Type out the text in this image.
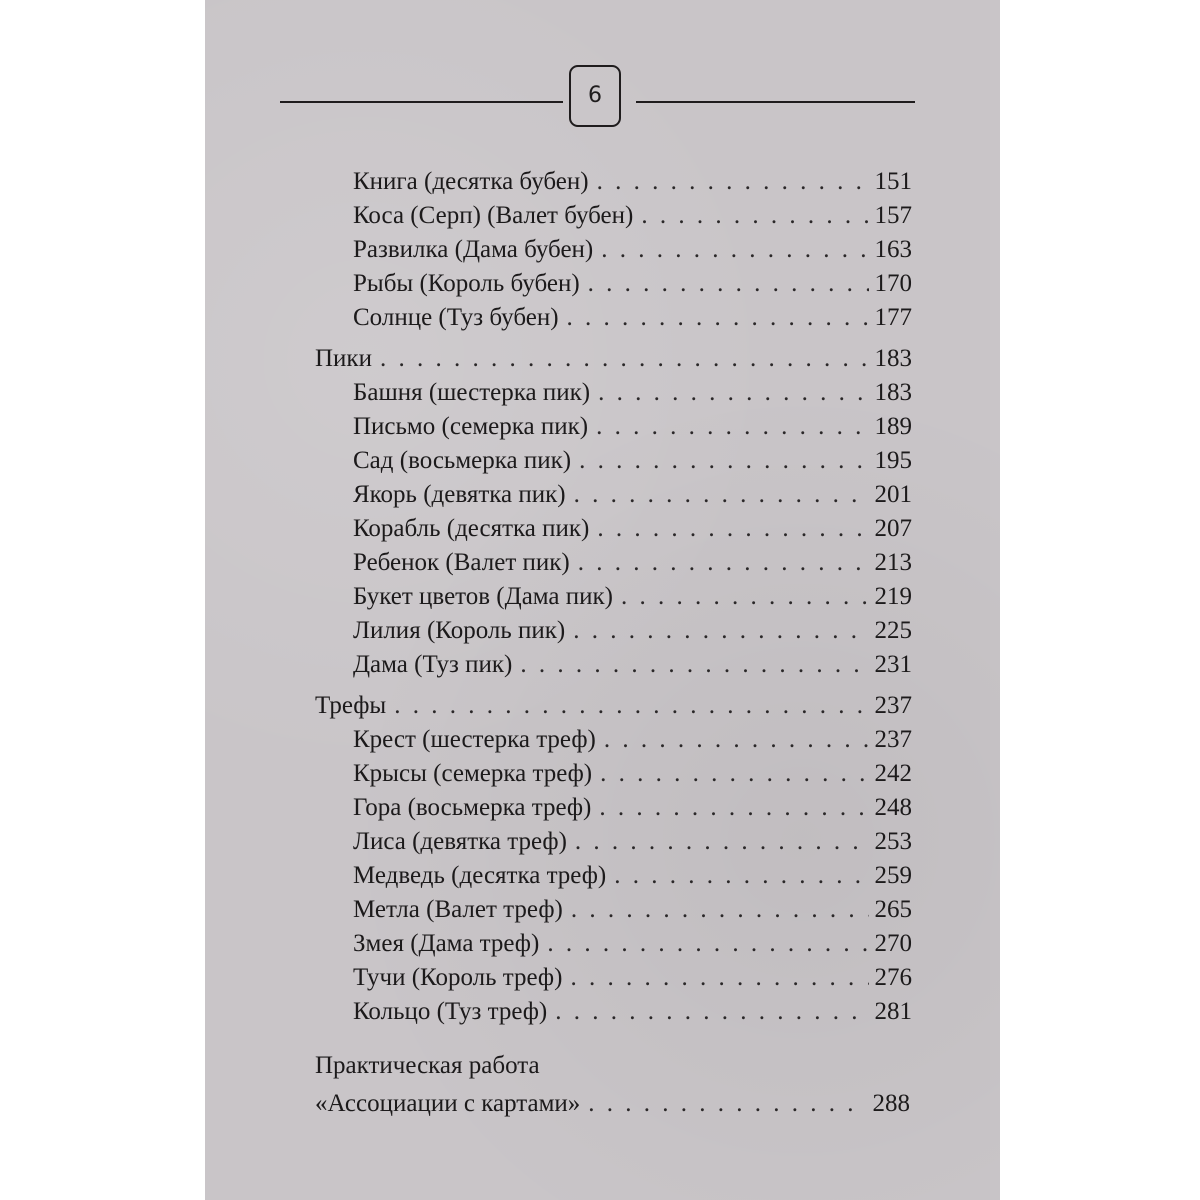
6
Книга (десятка бубен) . . .	151
Коса (Серп) (Валет бубен) . . .	157
Развилка (Дама бубен) . . .	163
Рыбы (Король бубен) . . .	170
Солнце (Туз бубен) . . .	177
Пики . . .	183
Башня (шестерка пик) . . .	183
Письмо (семерка пик) . . .	189
Сад (восьмерка пик) . . .	195
Якорь (девятка пик) . . .	201
Корабль (десятка пик) . . .	207
Ребенок (Валет пик) . . .	213
Букет цветов (Дама пик) . . .	219
Лилия (Король пик) . . .	225
Дама (Туз пик) . . .	231
Трефы . . .	237
Крест (шестерка треф) . . .	237
Крысы (семерка треф) . . .	242
Гора (восьмерка треф) . . .	248
Лиса (девятка треф) . . .	253
Медведь (десятка треф) . . .	259
Метла (Валет треф) . . .	265
Змея (Дама треф) . . .	270
Тучи (Король треф) . . .	276
Кольцо (Туз треф) . . .	281
Практическая работа
«Ассоциации с картами» . . .	288
